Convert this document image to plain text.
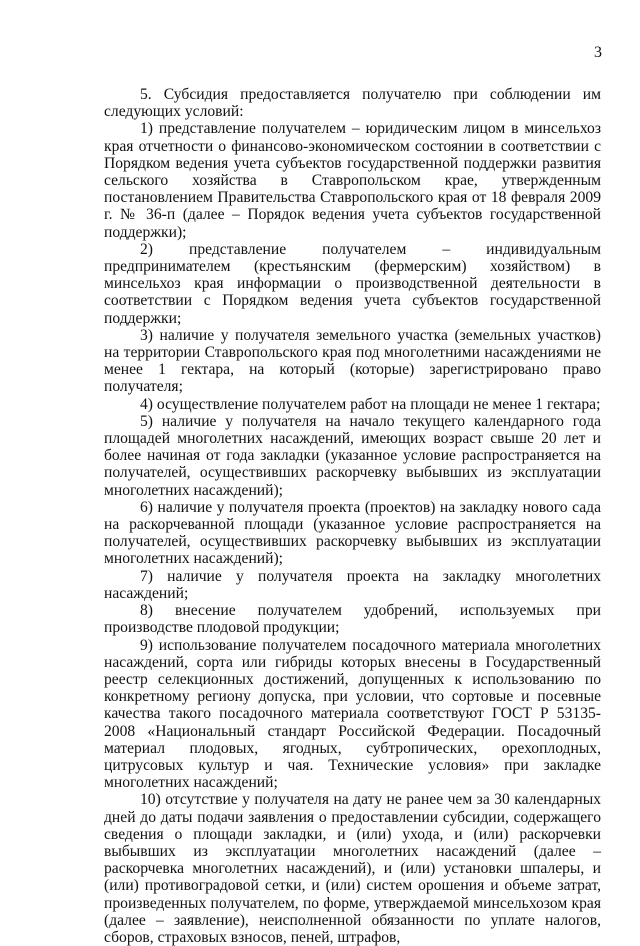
3

5. Субсидия предоставляется получателю при соблюдении им следующих условий:

1) представление получателем – юридическим лицом в минсельхоз края отчетности о финансово-экономическом состоянии в соответствии с Порядком ведения учета субъектов государственной поддержки развития сельского хозяйства в Ставропольском крае, утвержденным постановлением Правительства Ставропольского края от 18 февраля 2009 г. № 36-п (далее – Порядок ведения учета субъектов государственной поддержки);

2) представление получателем – индивидуальным предпринимателем (крестьянским (фермерским) хозяйством) в минсельхоз края информации о производственной деятельности в соответствии с Порядком ведения учета субъектов государственной поддержки;

3) наличие у получателя земельного участка (земельных участков) на территории Ставропольского края под многолетними насаждениями не менее 1 гектара, на который (которые) зарегистрировано право получателя;

4) осуществление получателем работ на площади не менее 1 гектара;

5) наличие у получателя на начало текущего календарного года площадей многолетних насаждений, имеющих возраст свыше 20 лет и более начиная от года закладки (указанное условие распространяется на получателей, осуществивших раскорчевку выбывших из эксплуатации многолетних насаждений);

6) наличие у получателя проекта (проектов) на закладку нового сада на раскорчеванной площади (указанное условие распространяется на получателей, осуществивших раскорчевку выбывших из эксплуатации многолетних насаждений);

7) наличие у получателя проекта на закладку многолетних насаждений;

8) внесение получателем удобрений, используемых при производстве плодовой продукции;

9) использование получателем посадочного материала многолетних насаждений, сорта или гибриды которых внесены в Государственный реестр селекционных достижений, допущенных к использованию по конкретному региону допуска, при условии, что сортовые и посевные качества такого посадочного материала соответствуют ГОСТ Р 53135-2008 «Национальный стандарт Российской Федерации. Посадочный материал плодовых, ягодных, субтропических, орехоплодных, цитрусовых культур и чая. Технические условия» при закладке многолетних насаждений;

10) отсутствие у получателя на дату не ранее чем за 30 календарных дней до даты подачи заявления о предоставлении субсидии, содержащего сведения о площади закладки, и (или) ухода, и (или) раскорчевки выбывших из эксплуатации многолетних насаждений (далее – раскорчевка многолетних насаждений), и (или) установки шпалеры, и (или) противоградовой сетки, и (или) систем орошения и объеме затрат, произведенных получателем, по форме, утверждаемой минсельхозом края (далее – заявление), неисполненной обязанности по уплате налогов, сборов, страховых взносов, пеней, штрафов,
